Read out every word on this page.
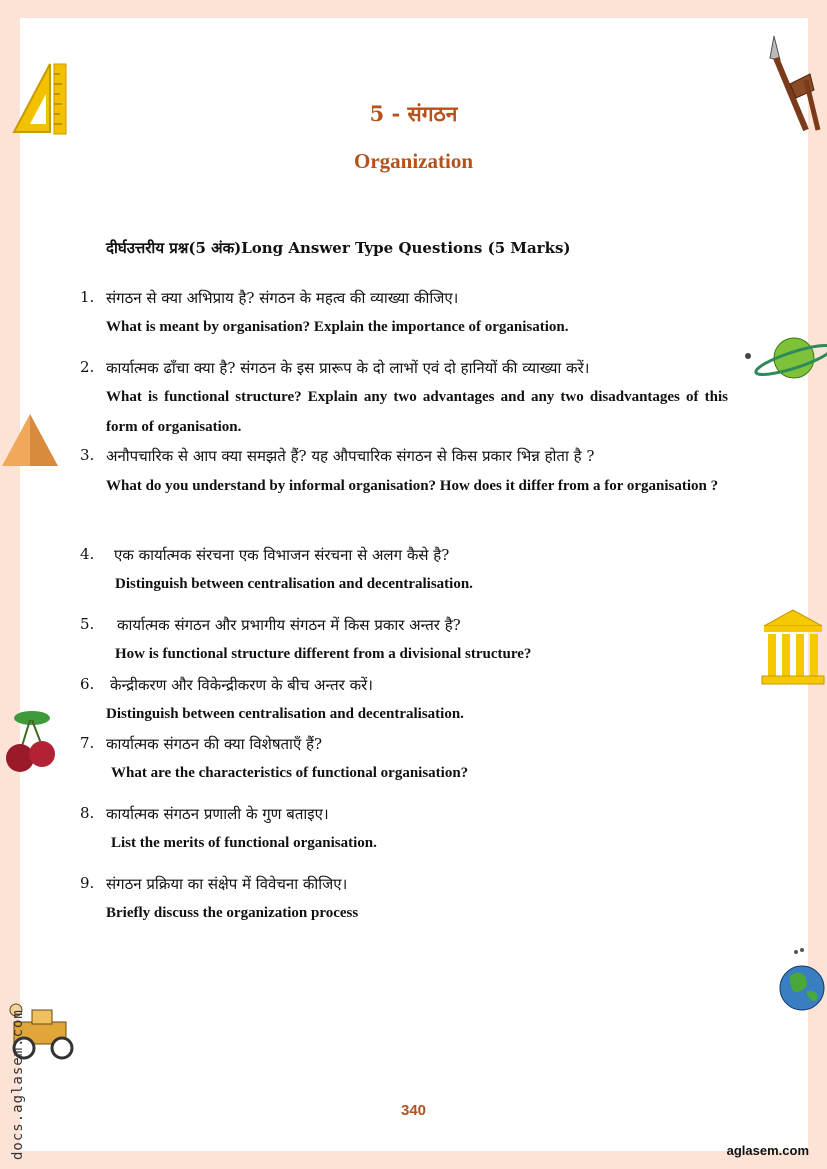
5 - संगठन
Organization
दीर्घउत्तरीय प्रश्न(5 अंक)Long Answer Type Questions (5 Marks)
1. संगठन से क्या अभिप्राय है? संगठन के महत्व की व्याख्या कीजिए।
What is meant by organisation? Explain the importance of organisation.
2. कार्यात्मक ढाँचा क्या है? संगठन के इस प्रारूप के दो लाभों एवं दो हानियों की व्याख्या करें।
What is functional structure? Explain any two advantages and any two disadvantages of this form of organisation.
3. अनौपचारिक से आप क्या समझते हैं? यह औपचारिक संगठन से किस प्रकार भिन्न होता है ?
What do you understand by informal organisation? How does it differ from a for organisation ?
4. एक कार्यात्मक संरचना एक विभाजन संरचना से अलग कैसे है?
Distinguish between centralisation and decentralisation.
5. कार्यात्मक संगठन और प्रभागीय संगठन में किस प्रकार अन्तर है?
How is functional structure different from a divisional structure?
6. केन्द्रीकरण और विकेन्द्रीकरण के बीच अन्तर करें।
Distinguish between centralisation and decentralisation.
7. कार्यात्मक संगठन की क्या विशेषताएँ हैं?
What are the characteristics of functional organisation?
8. कार्यात्मक संगठन प्रणाली के गुण बताइए।
List the merits of functional organisation.
9. संगठन प्रक्रिया का संक्षेप में विवेचना कीजिए।
Briefly discuss the organization process
340
docs.aglasem.com	aglasem.com
